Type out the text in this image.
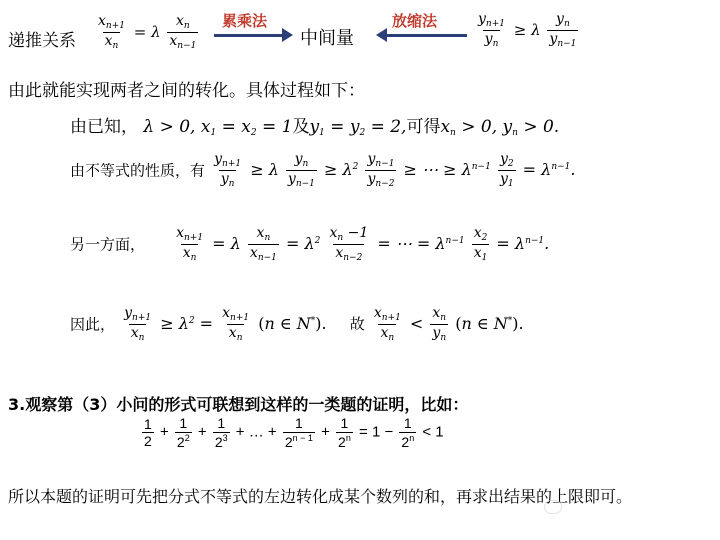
递推关系 $\frac{x_{n+1}}{x_n} = \lambda \frac{x_n}{x_{n-1}}$ 累乘法
中间量
放缩法	$\frac{y_{n+1}}{y_n} \ge \lambda \frac{y_n}{y_{n-1}}$
由此就能实现两者之间的转化。具体过程如下：
由已知， λ > 0, $x_1 = x_2 = 1$及$y_1 = y_2 = 2$,可得$x_n > 0$, $y_n > 0$.
由不等式的性质，有 $\frac{y_{n+1}}{y_n} \ge \lambda \frac{y_n}{y_{n-1}} \ge \lambda^2 \frac{y_{n-1}}{y_{n-2}}$ ≥ ⋯ ≥ $\lambda^{n-1} \frac{y_2}{y_1} = \lambda^{n-1}$.
另一方面， $\frac{x_{n+1}}{x_n} = \lambda \frac{x_n}{x_{n-1}} = \lambda^2 \frac{x_n -1}{x_{n-2}}$ = ⋯ = $\lambda^{n-1} \frac{x_2}{x_1} = \lambda^{n-1}$.
因此， $\frac{y_{n+1}}{x_n} \ge \lambda^2 = \frac{x_{n+1}}{x_n} (n$ ∈ N*). 故 $\frac{x_{n+1}}{x_n} < \frac{x_n}{y_n} (n$ ∈ N*).
3.观察第（3）小问的形式可联想到这样的一类题的证明，比如：
$\frac{1}{2} + \frac{1}{2^2} + \frac{1}{2^3}$ + … + $\frac{1}{2^{n - 1}} + \frac{1}{2^n} = 1 - \frac{1}{2^n} < 1$
所以本题的证明可先把分式不等式的左边转化成某个数列的和，再求出结果的上限即可。
